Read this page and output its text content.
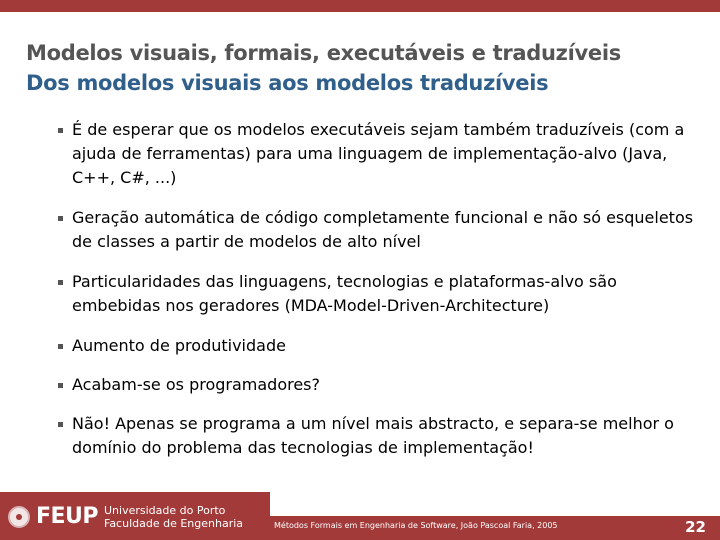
Modelos visuais, formais, executáveis e traduzíveis
Dos modelos visuais aos modelos traduzíveis
É de esperar que os modelos executáveis sejam também traduzíveis (com a ajuda de ferramentas) para uma linguagem de implementação-alvo (Java, C++, C#, ...)
Geração automática de código completamente funcional e não só esqueletos de classes a partir de modelos de alto nível
Particularidades das linguagens, tecnologias e plataformas-alvo são embebidas nos geradores (MDA-Model-Driven-Architecture)
Aumento de produtividade
Acabam-se os programadores?
Não! Apenas se programa a um nível mais abstracto, e separa-se melhor o domínio do problema das tecnologias de implementação!
FEUP Universidade do Porto
Faculdade de Engenharia	Métodos Formais em Engenharia de Software, João Pascoal Faria, 2005	22
